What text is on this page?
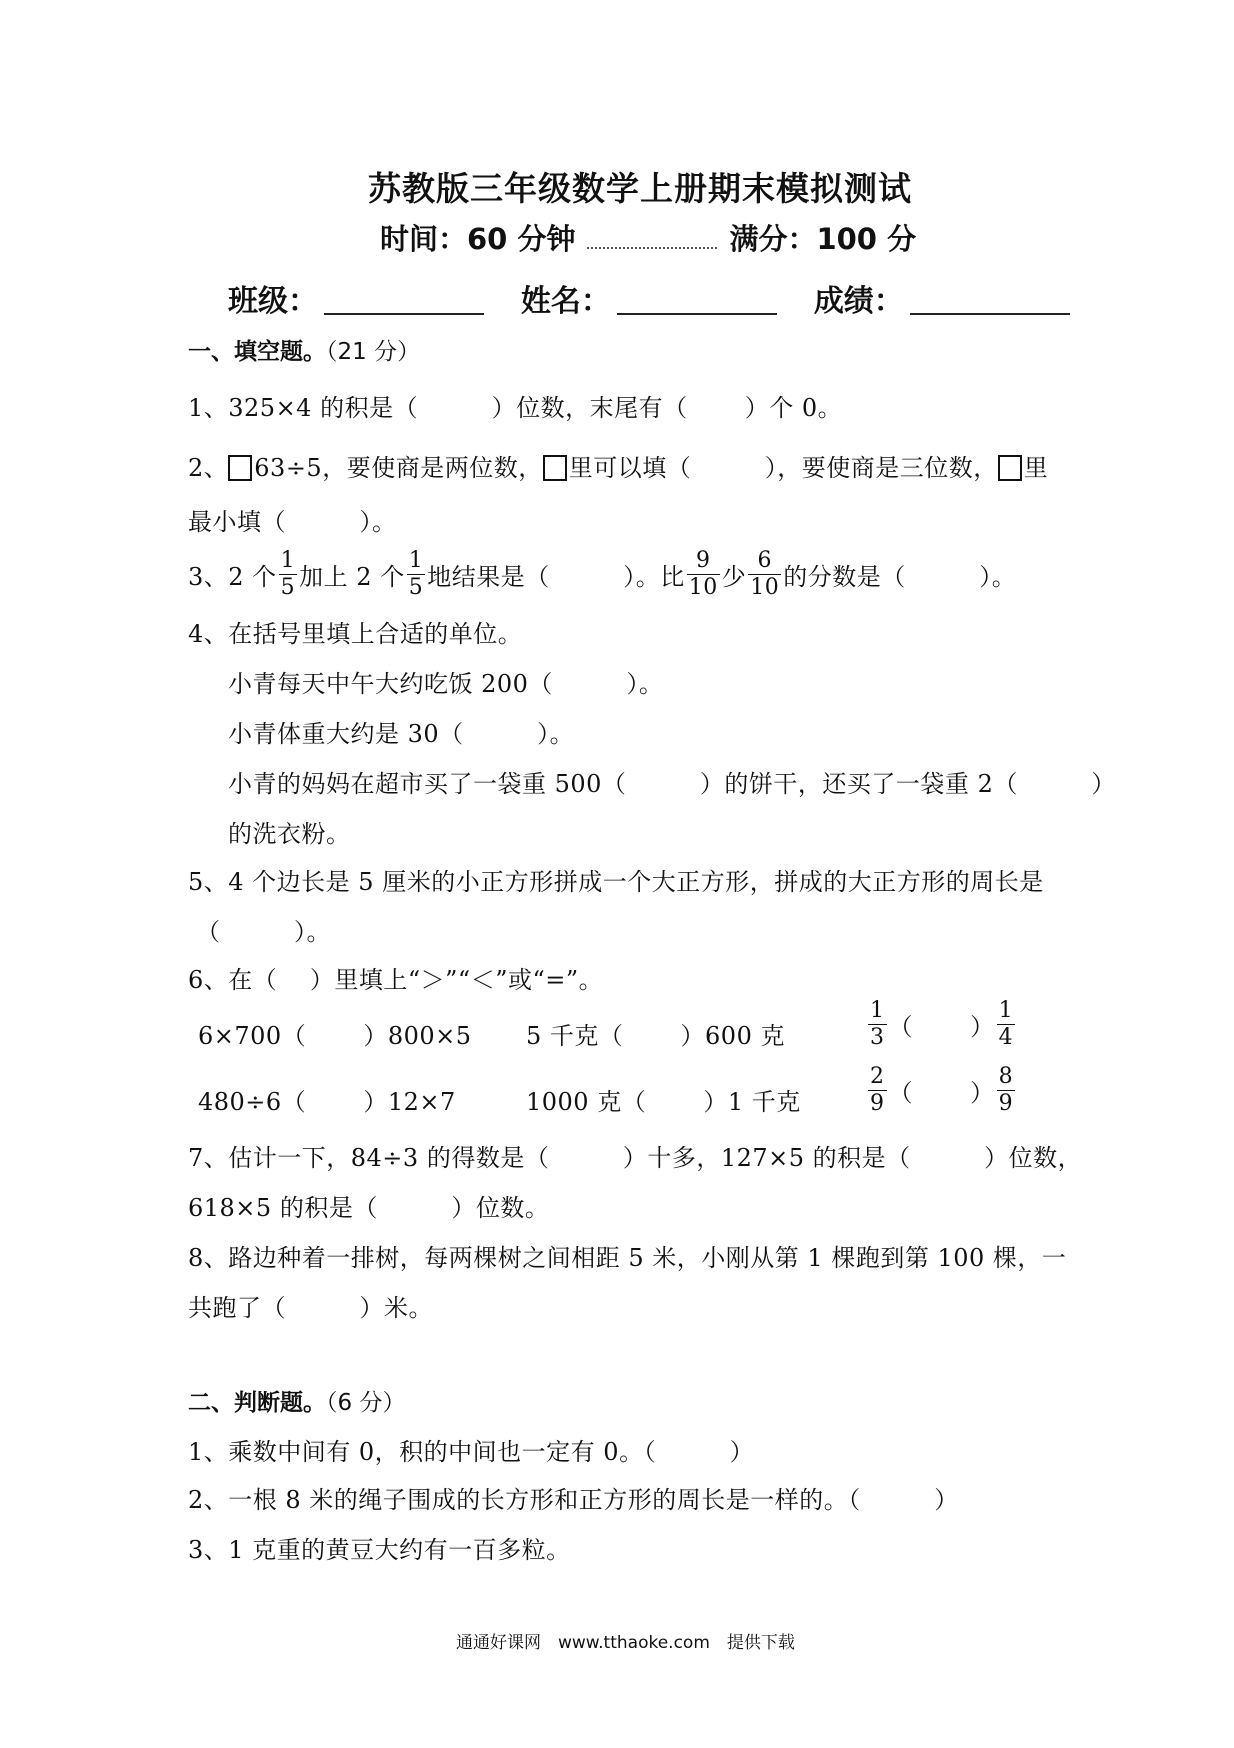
苏教版三年级数学上册期末模拟测试
时间：60 分钟	满分：100 分
班级：	姓名：	成绩：
一、填空题。（21 分）
1、325×4 的积是（　　　）位数，末尾有（　　 ）个 0。
2、 63÷5，要使商是两位数， 里可以填（　　　），要使商是三位数， 里
最小填（　　　）。
3、2 个 $\frac{1}{5}$ 加上 2 个 $\frac{1}{5}$ 地结果是（　　　）。比 $\frac{9}{10}$ 少 $\frac{6}{10}$ 的分数是（　　　）。
4、在括号里填上合适的单位。
小青每天中午大约吃饭 200（　　　）。
小青体重大约是 30（　　　）。
小青的妈妈在超市买了一袋重 500（　　　）的饼干，还买了一袋重 2（　　　）
的洗衣粉。
5、4 个边长是 5 厘米的小正方形拼成一个大正方形，拼成的大正方形的周长是
（　　　）。
6、在（　 ）里填上“＞”“＜”或“=”。
6×700（　　 ）800×5 5 千克（　　 ）600 克	$\frac{1}{3}$ （　　 ） $\frac{1}{4}$
480÷6（　　 ）12×7	1000 克（　　 ）1 千克	$\frac{2}{9}$ （　　 ） $\frac{8}{9}$
7、估计一下，84÷3 的得数是（　　　）十多，127×5 的积是（　　　）位数，
618×5 的积是（　　　）位数。
8、路边种着一排树，每两棵树之间相距 5 米，小刚从第 1 棵跑到第 100 棵，一
共跑了（　　　）米。
二、判断题。（6 分）
1、乘数中间有 0，积的中间也一定有 0。（　　　）
2、一根 8 米的绳子围成的长方形和正方形的周长是一样的。（　　　）
3、1 克重的黄豆大约有一百多粒。
通通好课网　www.tthaoke.com　提供下载
